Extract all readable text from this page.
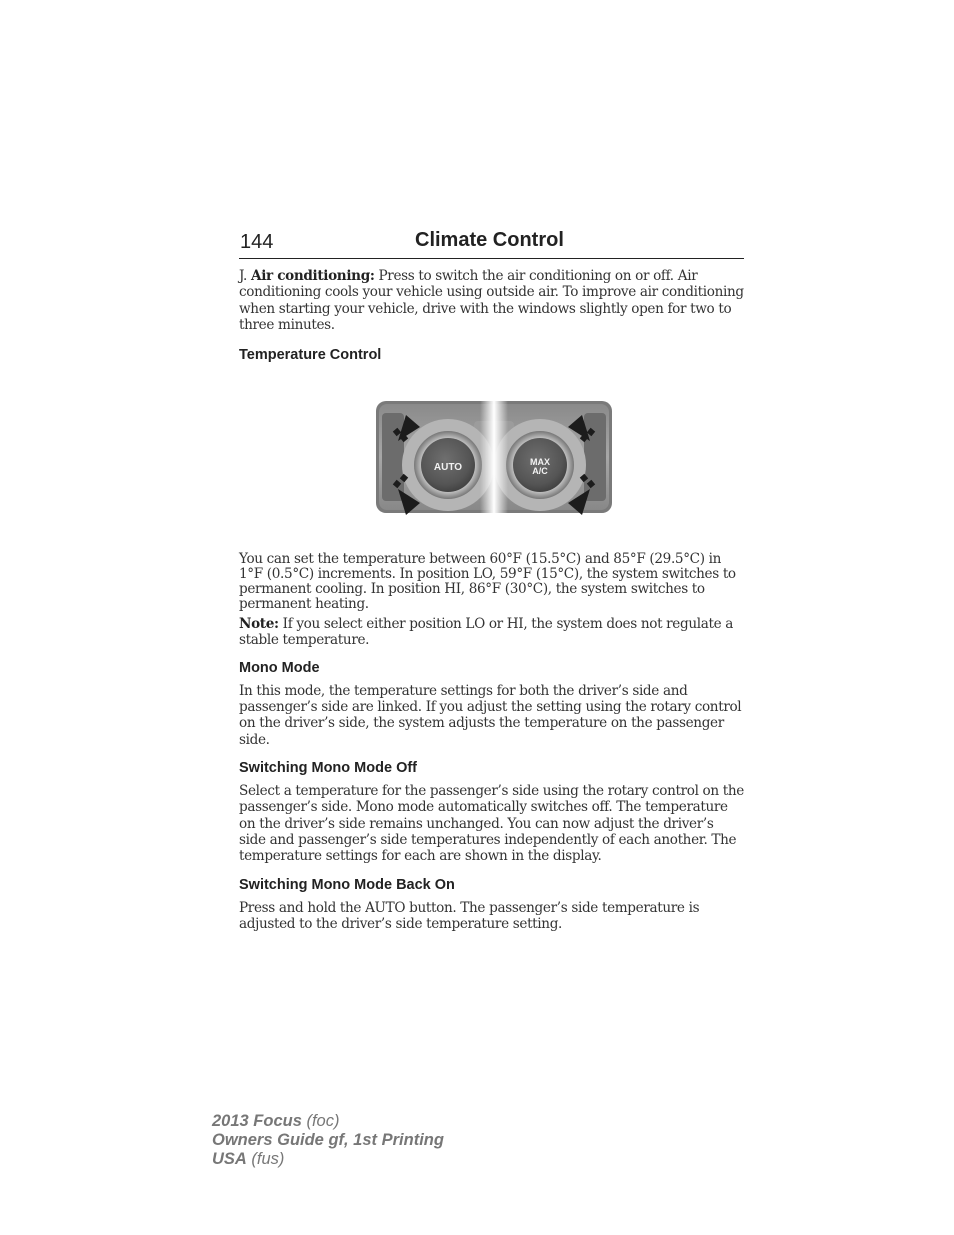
144	Climate Control

J. Air conditioning: Press to switch the air conditioning on or off. Air conditioning cools your vehicle using outside air. To improve air conditioning when starting your vehicle, drive with the windows slightly open for two to three minutes.

Temperature Control

You can set the temperature between 60°F (15.5°C) and 85°F (29.5°C) in 1°F (0.5°C) increments. In position LO, 59°F (15°C), the system switches to permanent cooling. In position HI, 86°F (30°C), the system switches to permanent heating.

Note: If you select either position LO or HI, the system does not regulate a stable temperature.

Mono Mode

In this mode, the temperature settings for both the driver’s side and passenger’s side are linked. If you adjust the setting using the rotary control on the driver’s side, the system adjusts the temperature on the passenger side.

Switching Mono Mode Off

Select a temperature for the passenger’s side using the rotary control on the passenger’s side. Mono mode automatically switches off. The temperature on the driver’s side remains unchanged. You can now adjust the driver’s side and passenger’s side temperatures independently of each another. The temperature settings for each are shown in the display.

Switching Mono Mode Back On

Press and hold the AUTO button. The passenger’s side temperature is adjusted to the driver’s side temperature setting.

AUTO	MAX
A/C
2013 Focus (foc)
Owners Guide gf, 1st Printing
USA (fus)
